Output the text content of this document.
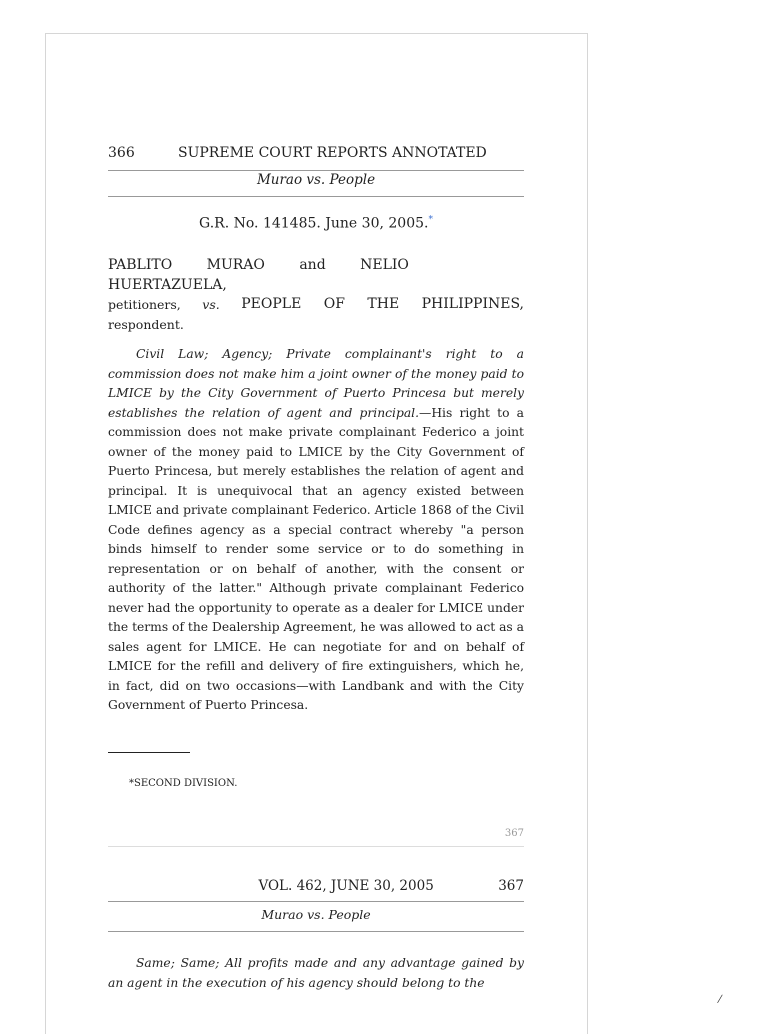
366	SUPREME COURT REPORTS ANNOTATED
Murao vs. People
G.R. No. 141485. June 30, 2005.*
PABLITO MURAO and NELIO HUERTAZUELA,
petitioners, vs. PEOPLE OF THE PHILIPPINES,
respondent.
Civil Law; Agency; Private complainant's right to a commission does not make him a joint owner of the money paid to LMICE by the City Government of Puerto Princesa but merely establishes the relation of agent and principal.—His right to a commission does not make private complainant Federico a joint owner of the money paid to LMICE by the City Government of Puerto Princesa, but merely establishes the relation of agent and principal. It is unequivocal that an agency existed between LMICE and private complainant Federico. Article 1868 of the Civil Code defines agency as a special contract whereby "a person binds himself to render some service or to do something in representation or on behalf of another, with the consent or authority of the latter." Although private complainant Federico never had the opportunity to operate as a dealer for LMICE under the terms of the Dealership Agreement, he was allowed to act as a sales agent for LMICE. He can negotiate for and on behalf of LMICE for the refill and delivery of fire extinguishers, which he, in fact, did on two occasions—with Landbank and with the City Government of Puerto Princesa.
*SECOND DIVISION.
367
VOL. 462, JUNE 30, 2005	367
Murao vs. People
Same; Same; All profits made and any advantage gained by an agent in the execution of his agency should belong to the
/
